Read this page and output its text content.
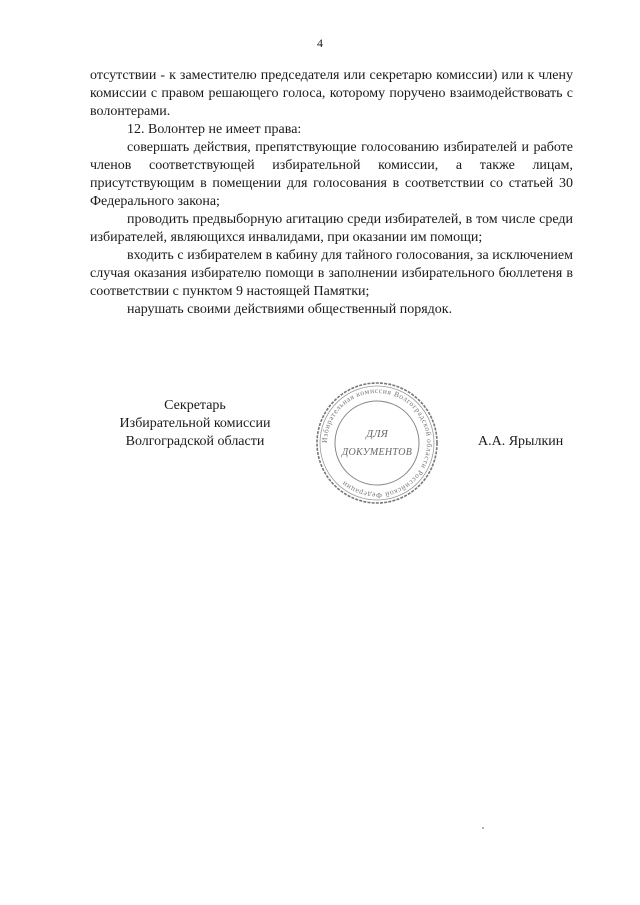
4

отсутствии - к заместителю председателя или секретарю комиссии) или к члену комиссии с правом решающего голоса, которому поручено взаимодействовать с волонтерами.

12. Волонтер не имеет права:

совершать действия, препятствующие голосованию избирателей и работе членов соответствующей избирательной комиссии, а также лицам, присутствующим в помещении для голосования в соответствии со статьей 30 Федерального закона;

проводить предвыборную агитацию среди избирателей, в том числе среди избирателей, являющихся инвалидами, при оказании им помощи;

входить с избирателем в кабину для тайного голосования, за исключением случая оказания избирателю помощи в заполнении избирательного бюллетеня в соответствии с пунктом 9 настоящей Памятки;

нарушать своими действиями общественный порядок.

Секретарь
Избирательной комиссии
Волгоградской области	Избирательная комиссия Волгоградской области Российской Федерации
ДЛЯ
ДОКУМЕНТОВ
А.А. Ярылкин
